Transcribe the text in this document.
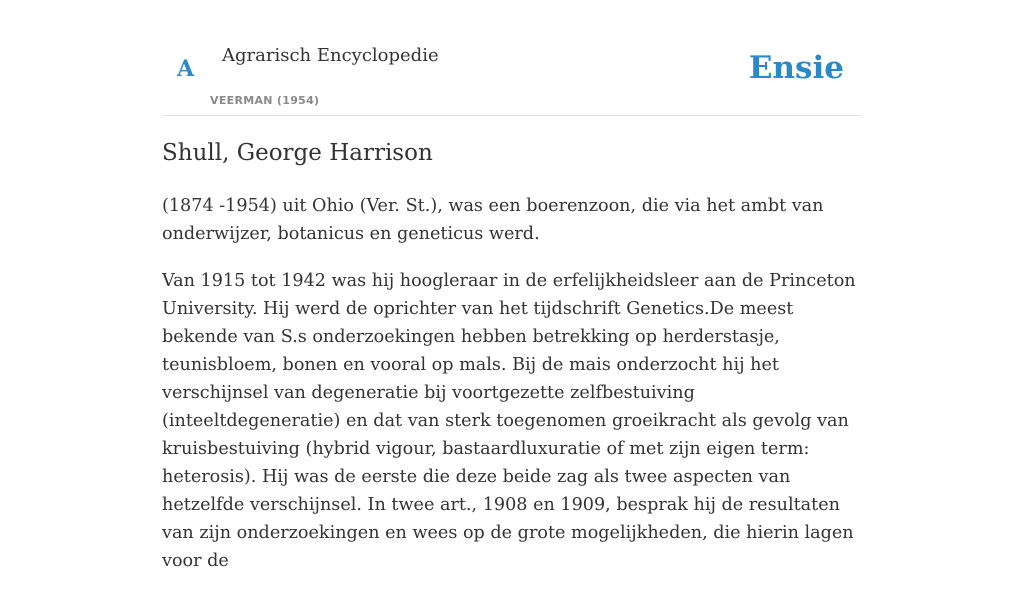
A
Agrarisch Encyclopedie
VEERMAN (1954)
Ensie
Shull, George Harrison

(1874 -1954) uit Ohio (Ver. St.), was een boerenzoon, die via het ambt van onderwijzer, botanicus en geneticus werd.

Van 1915 tot 1942 was hij hoogleraar in de erfelijkheidsleer aan de Princeton University. Hij werd de oprichter van het tijdschrift Genetics.De meest bekende van S.s onderzoekingen hebben betrekking op herderstasje, teunisbloem, bonen en vooral op mals. Bij de mais onderzocht hij het verschijnsel van degeneratie bij voortgezette zelfbestuiving (inteeltdegeneratie) en dat van sterk toegenomen groeikracht als gevolg van kruisbestuiving (hybrid vigour, bastaardluxuratie of met zijn eigen term: heterosis). Hij was de eerste die deze beide zag als twee aspecten van hetzelfde verschijnsel. In twee art., 1908 en 1909, besprak hij de resultaten van zijn onderzoekingen en wees op de grote mogelijkheden, die hierin lagen voor de
